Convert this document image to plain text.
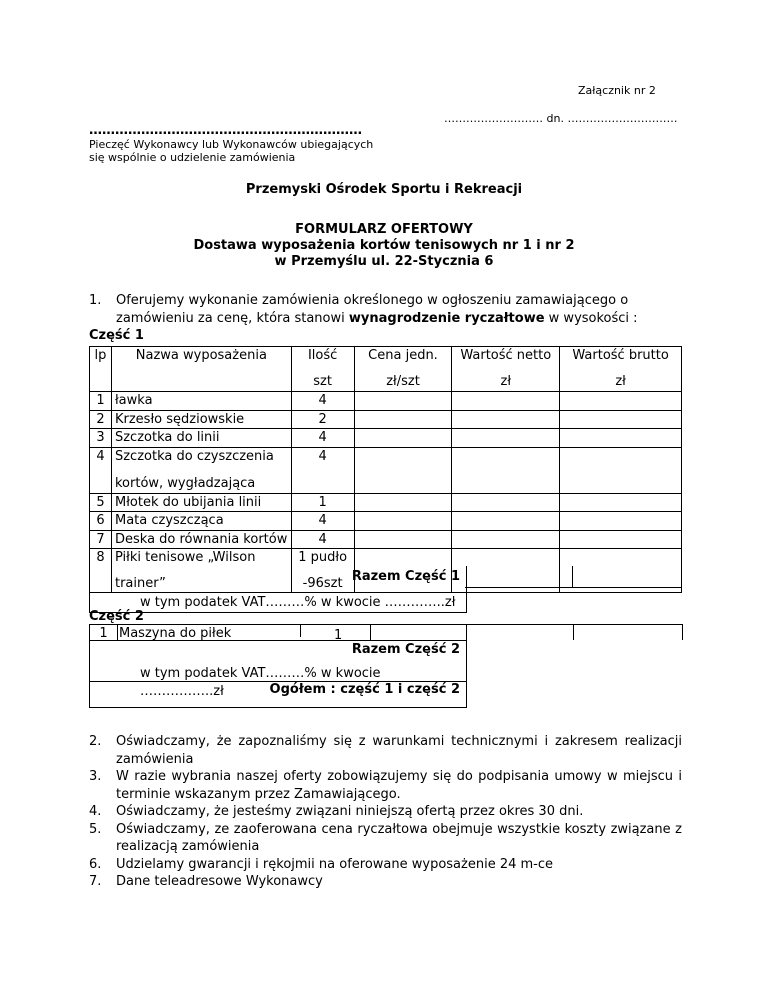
Załącznik nr 2
……………………… dn. …………………………
………………………………………………………
Pieczęć Wykonawcy lub Wykonawców ubiegających
się wspólnie o udzielenie zamówienia
Przemyski Ośrodek Sportu i Rekreacji
FORMULARZ OFERTOWY
Dostawa wyposażenia kortów tenisowych nr 1 i nr 2
w Przemyślu ul. 22-Stycznia 6
1.	Oferujemy wykonanie zamówienia określonego w ogłoszeniu zamawiającego o
zamówieniu za cenę, która stanowi wynagrodzenie ryczałtowe w wysokości :
Część 1
lp	Nazwa wyposażenia	Ilość	Cena jedn.	Wartość netto	Wartość brutto
		szt	zł/szt	zł	zł
1	ławka	4			
2	Krzesło sędziowskie	2			
3	Szczotka do linii	4			
4	Szczotka do czyszczenia	4			
	kortów, wygładzająca				
5	Młotek do ubijania linii	1			
6	Mata czyszcząca	4			
7	Deska do równania kortów	4			
8	Piłki tenisowe „Wilson	1 pudło			
	trainer”	-96szt			Razem Część 1
w tym podatek VAT………% w kwocie …………..zł
Część 2
1 Maszyna do piłek	1
Razem Część 2
w tym podatek VAT………% w kwocie ……………..zł	Ogółem : część 1 i część 2
2. Oświadczamy, że zapoznaliśmy się z warunkami technicznymi i zakresem realizacji zamówienia
3. W razie wybrania naszej oferty zobowiązujemy się do podpisania umowy w miejscu i terminie wskazanym przez Zamawiającego.
4. Oświadczamy, że jesteśmy związani niniejszą ofertą przez okres 30 dni.
5. Oświadczamy, ze zaoferowana cena ryczałtowa obejmuje wszystkie koszty związane z realizacją zamówienia
6. Udzielamy gwarancji i rękojmii na oferowane wyposażenie 24 m-ce
7. Dane teleadresowe Wykonawcy
